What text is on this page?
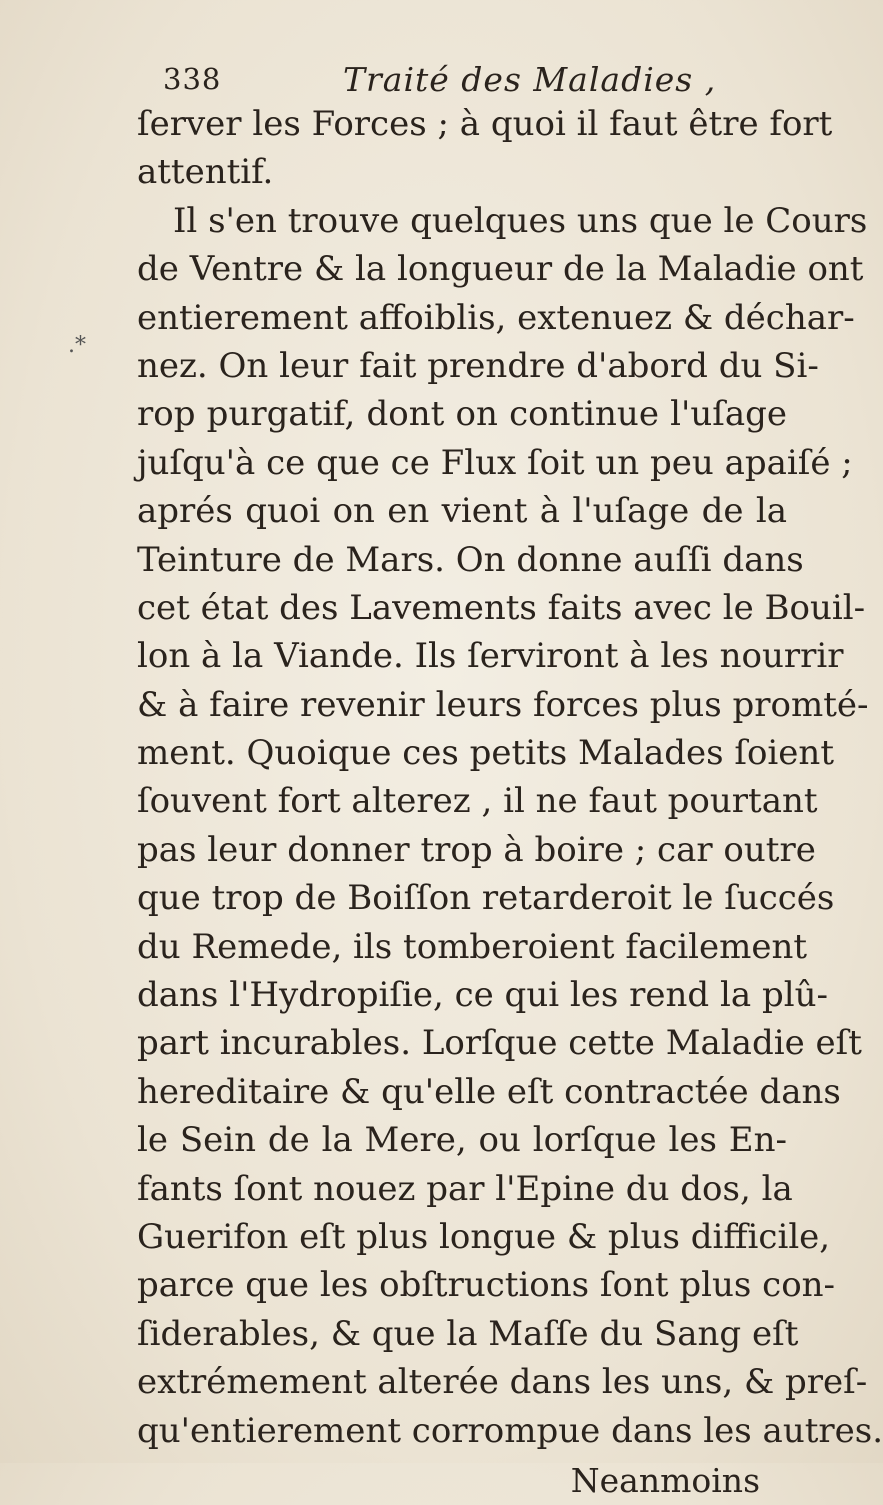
338	Traité des Maladies ,
.*
ſerver les Forces ; à quoi il faut être fort
attentif.
Il s'en trouve quelques uns que le Cours
de Ventre & la longueur de la Maladie ont
entierement affoiblis, extenuez & déchar-
nez. On leur fait prendre d'abord du Si-
rop purgatif, dont on continue l'uſage
juſqu'à ce que ce Flux ſoit un peu apaiſé ;
aprés quoi on en vient à l'uſage de la
Teinture de Mars. On donne auſſi dans
cet état des Lavements faits avec le Bouil-
lon à la Viande. Ils ſerviront à les nourrir
& à faire revenir leurs forces plus promté-
ment. Quoique ces petits Malades ſoient
ſouvent fort alterez , il ne faut pourtant
pas leur donner trop à boire ; car outre
que trop de Boiſſon retarderoit le ſuccés
du Remede, ils tomberoient facilement
dans l'Hydropiſie, ce qui les rend la plû-
part incurables. Lorſque cette Maladie eſt
hereditaire & qu'elle eſt contractée dans
le Sein de la Mere, ou lorſque les En-
fants ſont nouez par l'Epine du dos, la
Guerifon eſt plus longue & plus difficile,
parce que les obſtructions ſont plus con-
ſiderables, & que la Maſſe du Sang eſt
extrémement alterée dans les uns, & preſ-
qu'entierement corrompue dans les autres.
Neanmoins
